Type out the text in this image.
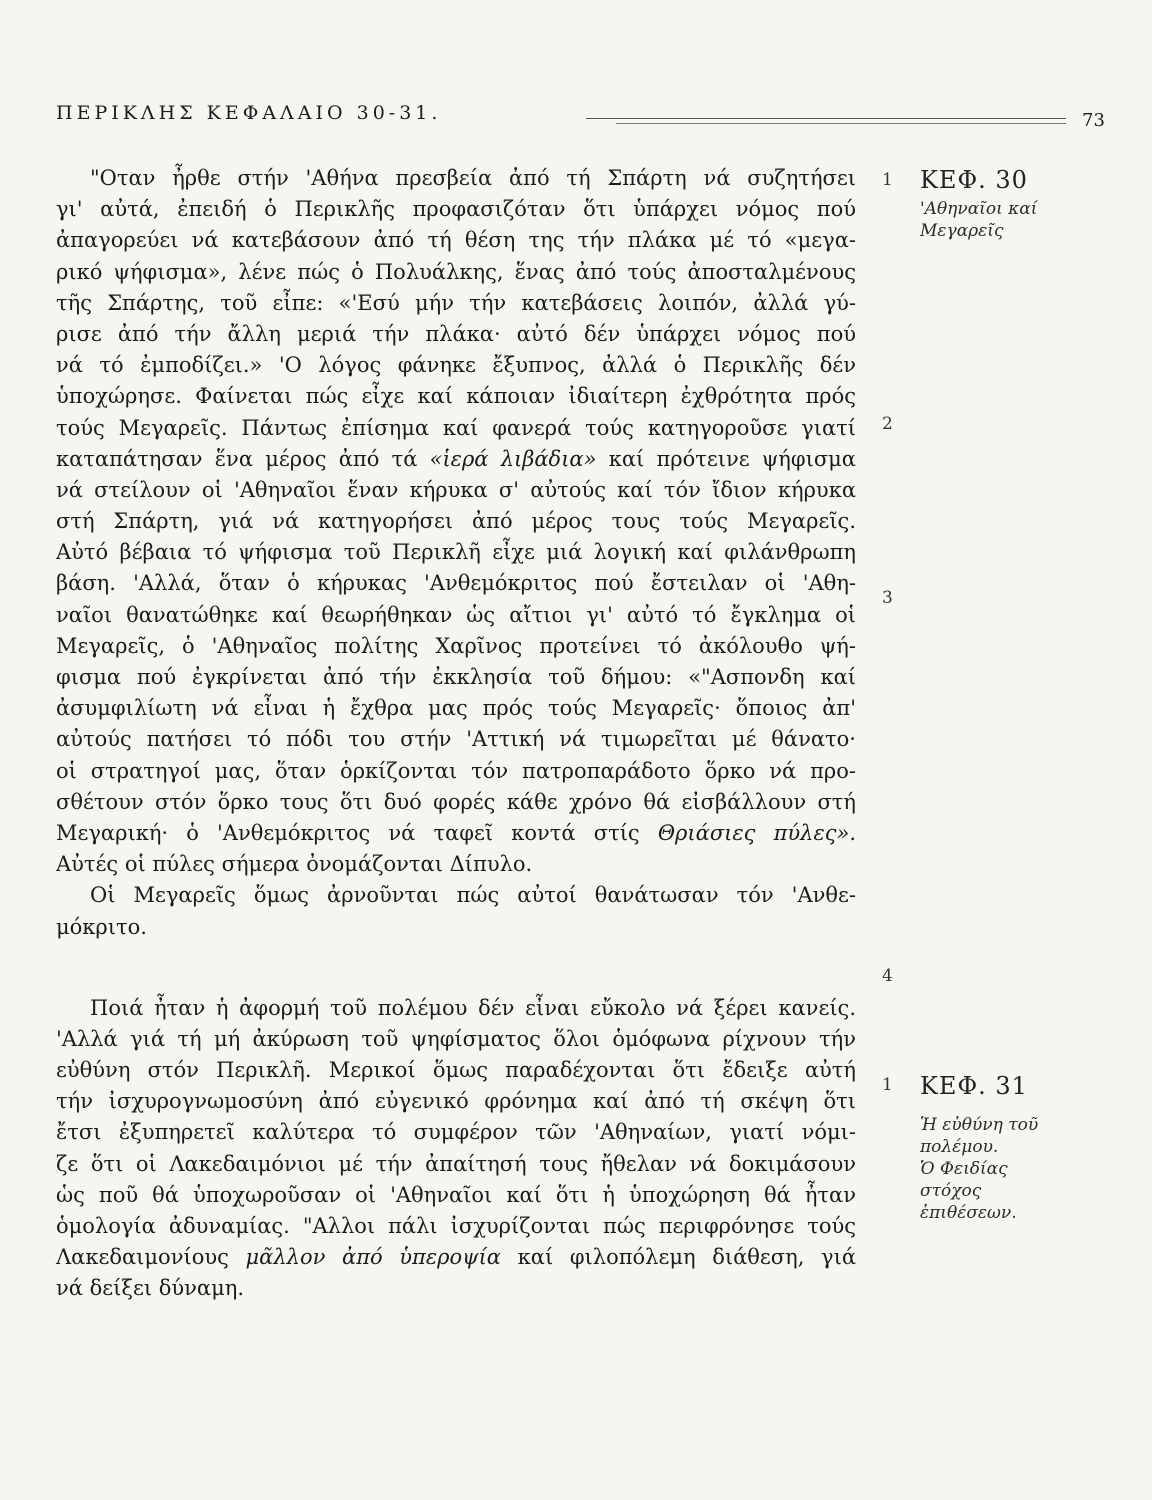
ΠΕΡΙΚΛΗΣ ΚΕΦΑΛΑΙΟ 30-31.	73
"Οταν ἦρθε στήν 'Αθήνα πρεσβεία ἀπό τή Σπάρτη νά συζητήσει
γι' αὐτά, ἐπειδή ὁ Περικλῆς προφασιζόταν ὅτι ὑπάρχει νόμος πού
ἀπαγορεύει νά κατεβάσουν ἀπό τή θέση της τήν πλάκα μέ τό «μεγα-
ρικό ψήφισμα», λένε πώς ὁ Πολυάλκης, ἕνας ἀπό τούς ἀποσταλμένους
τῆς Σπάρτης, τοῦ εἶπε: «'Εσύ μήν τήν κατεβάσεις λοιπόν, ἀλλά γύ-
ρισε ἀπό τήν ἄλλη μεριά τήν πλάκα· αὐτό δέν ὑπάρχει νόμος πού
νά τό ἐμποδίζει.» 'Ο λόγος φάνηκε ἔξυπνος, ἀλλά ὁ Περικλῆς δέν
ὑποχώρησε. Φαίνεται πώς εἶχε καί κάποιαν ἰδιαίτερη ἐχθρότητα πρός
τούς Μεγαρεῖς. Πάντως ἐπίσημα καί φανερά τούς κατηγοροῦσε γιατί
καταπάτησαν ἕνα μέρος ἀπό τά «ἱερά λιβάδια» καί πρότεινε ψήφισμα
νά στείλουν οἱ 'Αθηναῖοι ἕναν κήρυκα σ' αὐτούς καί τόν ἴδιον κήρυκα
στή Σπάρτη, γιά νά κατηγορήσει ἀπό μέρος τους τούς Μεγαρεῖς.
Αὐτό βέβαια τό ψήφισμα τοῦ Περικλῆ εἶχε μιά λογική καί φιλάνθρωπη
βάση. 'Αλλά, ὅταν ὁ κήρυκας 'Ανθεμόκριτος πού ἔστειλαν οἱ 'Αθη-
ναῖοι θανατώθηκε καί θεωρήθηκαν ὡς αἴτιοι γι' αὐτό τό ἔγκλημα οἱ
Μεγαρεῖς, ὁ 'Αθηναῖος πολίτης Χαρῖνος προτείνει τό ἀκόλουθο ψή-
φισμα πού ἐγκρίνεται ἀπό τήν ἐκκλησία τοῦ δήμου: «"Ασπονδη καί
ἀσυμφιλίωτη νά εἶναι ἡ ἔχθρα μας πρός τούς Μεγαρεῖς· ὅποιος ἀπ'
αὐτούς πατήσει τό πόδι του στήν 'Αττική νά τιμωρεῖται μέ θάνατο·
οἱ στρατηγοί μας, ὅταν ὁρκίζονται τόν πατροπαράδοτο ὅρκο νά προ-
σθέτουν στόν ὅρκο τους ὅτι δυό φορές κάθε χρόνο θά εἰσβάλλουν στή
Μεγαρική· ὁ 'Ανθεμόκριτος νά ταφεῖ κοντά στίς Θριάσιες πύλες».
Αὐτές οἱ πύλες σήμερα ὀνομάζονται Δίπυλο.
Οἱ Μεγαρεῖς ὅμως ἀρνοῦνται πώς αὐτοί θανάτωσαν τόν 'Ανθε-
μόκριτο.
Ποιά ἦταν ἡ ἀφορμή τοῦ πολέμου δέν εἶναι εὔκολο νά ξέρει κανείς.
'Αλλά γιά τή μή ἀκύρωση τοῦ ψηφίσματος ὅλοι ὁμόφωνα ρίχνουν τήν
εὐθύνη στόν Περικλῆ. Μερικοί ὅμως παραδέχονται ὅτι ἔδειξε αὐτή
τήν ἰσχυρογνωμοσύνη ἀπό εὐγενικό φρόνημα καί ἀπό τή σκέψη ὅτι
ἔτσι ἐξυπηρετεῖ καλύτερα τό συμφέρον τῶν 'Αθηναίων, γιατί νόμι-
ζε ὅτι οἱ Λακεδαιμόνιοι μέ τήν ἀπαίτησή τους ἤθελαν νά δοκιμάσουν
ὡς ποῦ θά ὑποχωροῦσαν οἱ 'Αθηναῖοι καί ὅτι ἡ ὑποχώρηση θά ἦταν
ὁμολογία ἀδυναμίας. "Αλλοι πάλι ἰσχυρίζονται πώς περιφρόνησε τούς
Λακεδαιμονίους μᾶλλον ἀπό ὑπεροψία καί φιλοπόλεμη διάθεση, γιά
νά δείξει δύναμη.
1
2
3
4
1
ΚΕΦ. 30
'Αθηναῖοι καί
Μεγαρεῖς
ΚΕΦ. 31
Ἡ εὐθύνη τοῦ
πολέμου.
Ὁ Φειδίας
στόχος
ἐπιθέσεων.
